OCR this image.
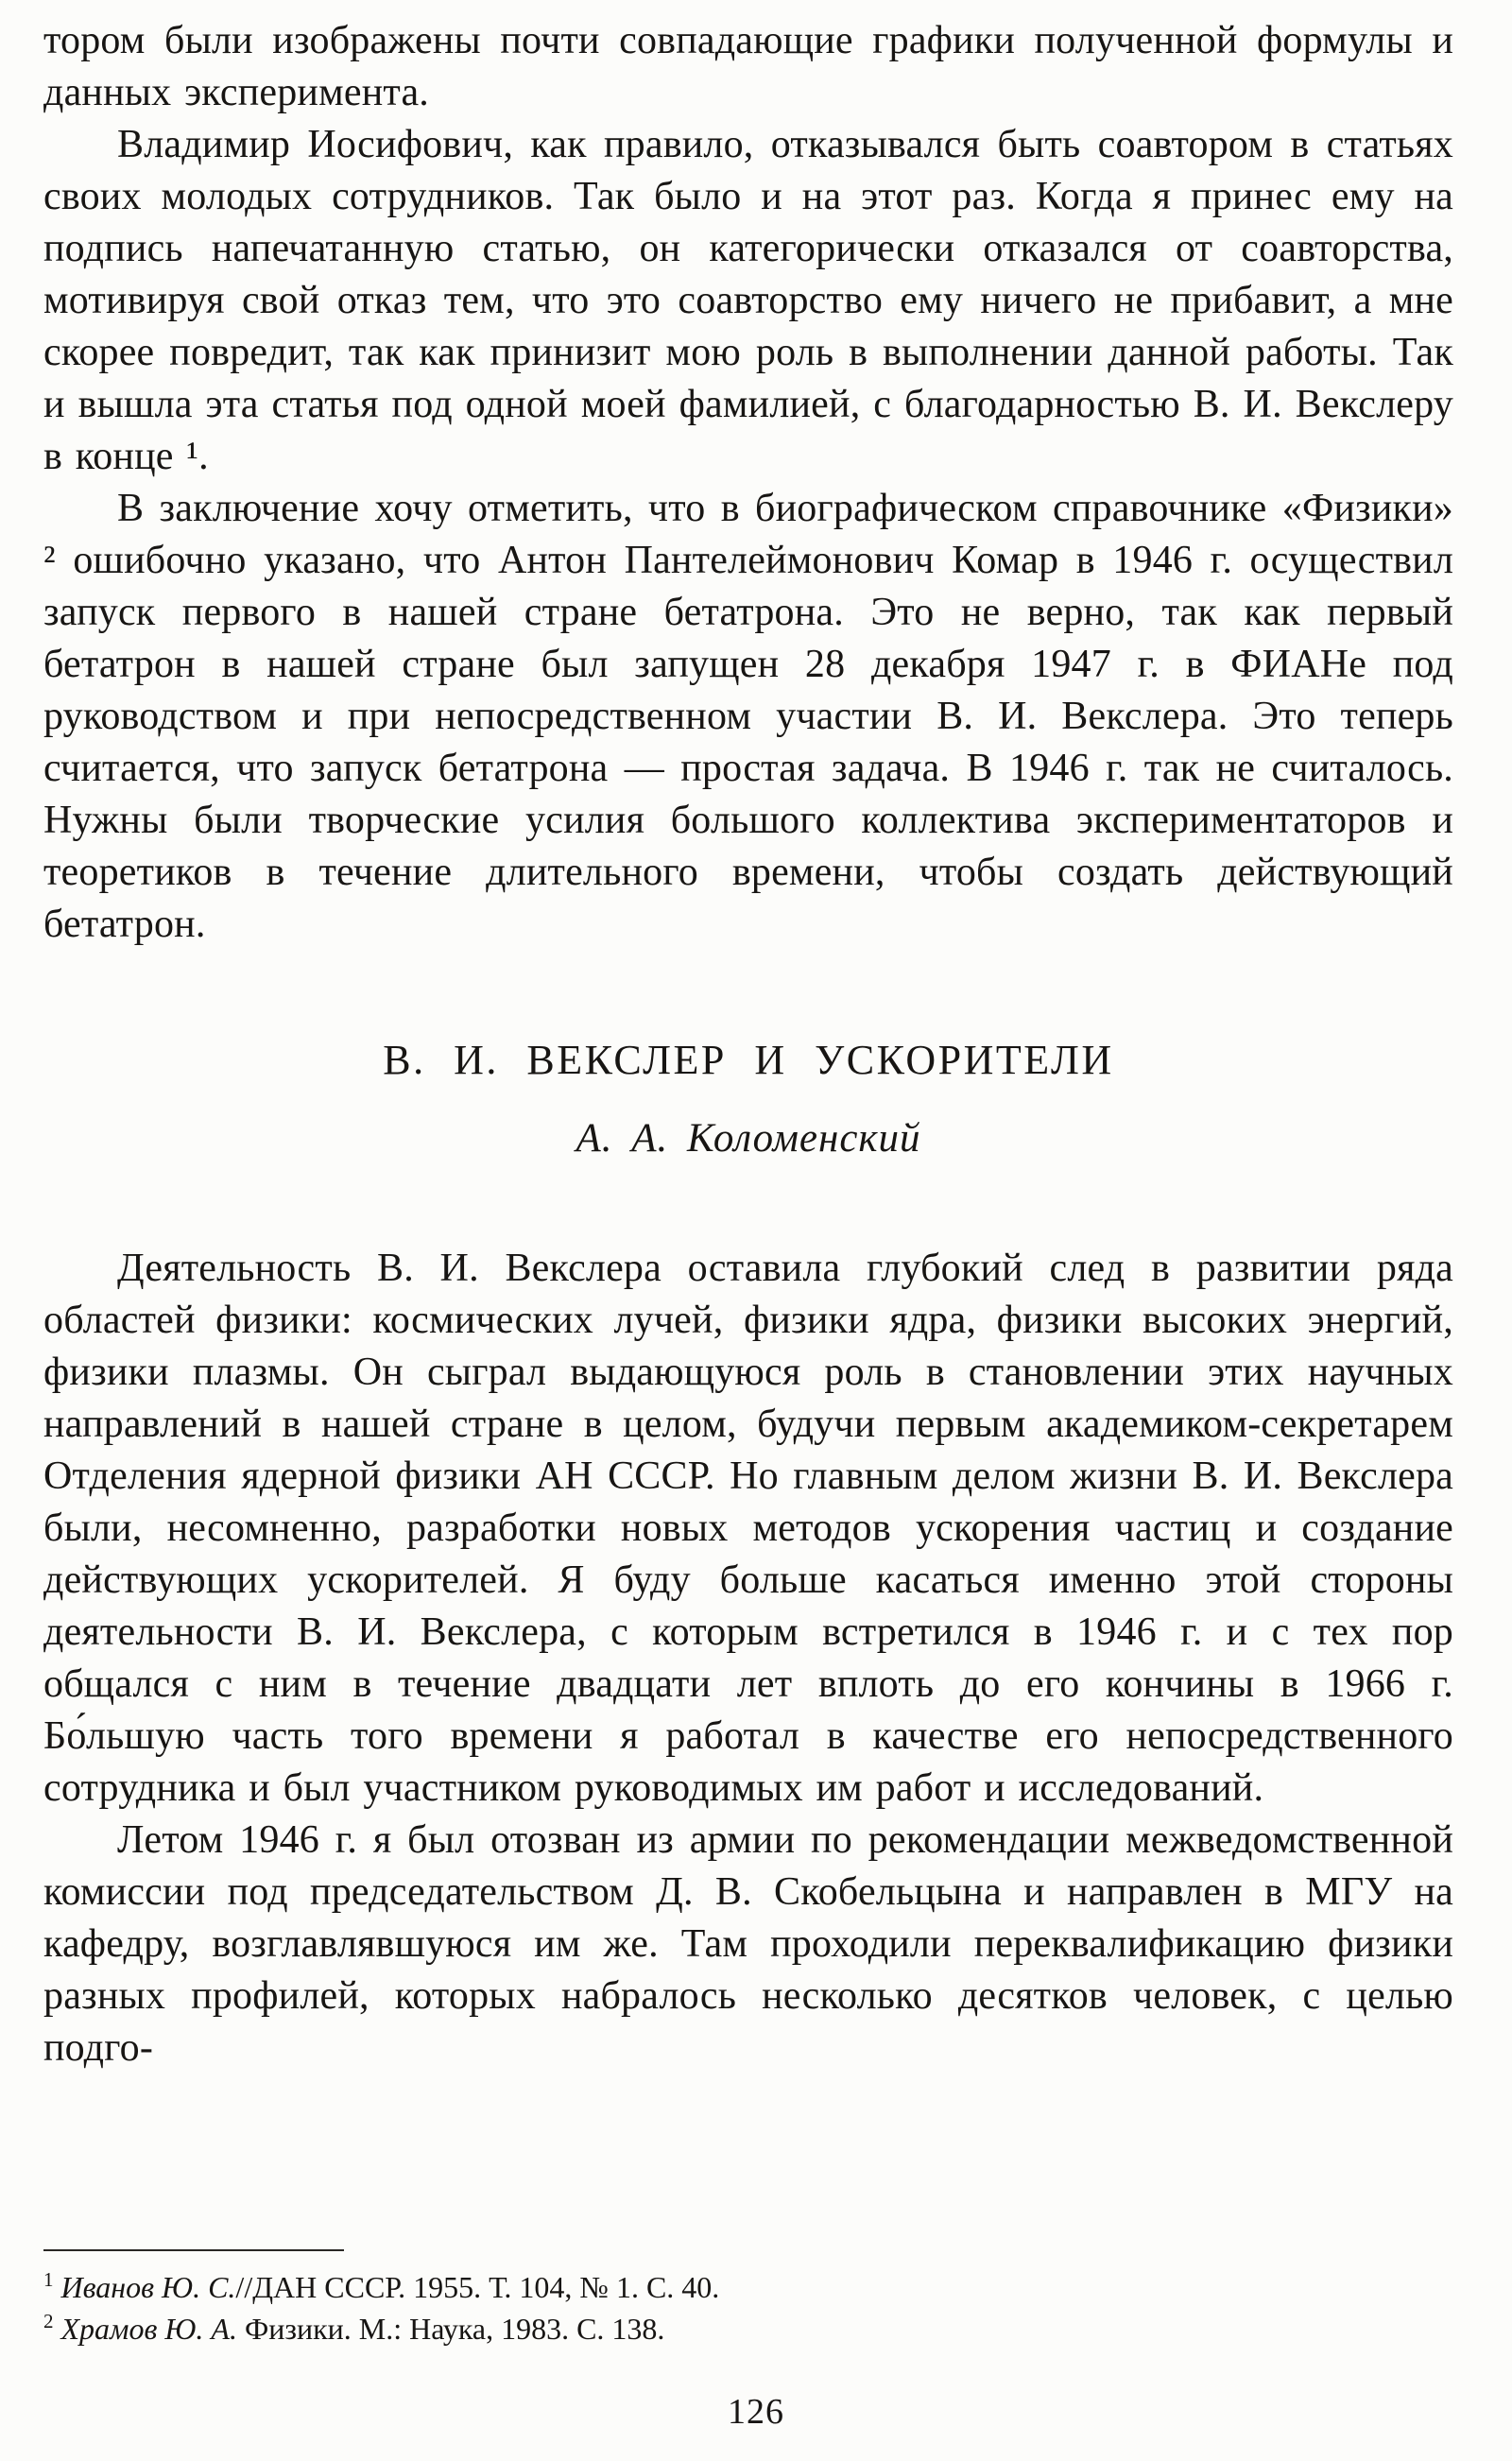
тором были изображены почти совпадающие графики полученной формулы и данных эксперимента.

Владимир Иосифович, как правило, отказывался быть соавтором в статьях своих молодых сотрудников. Так было и на этот раз. Когда я принес ему на подпись напечатанную статью, он категорически отказался от соавторства, мотивируя свой отказ тем, что это соавторство ему ничего не прибавит, а мне скорее повредит, так как принизит мою роль в выполнении данной работы. Так и вышла эта статья под одной моей фамилией, с благодарностью В. И. Векслеру в конце ¹.

В заключение хочу отметить, что в биографическом справочнике «Физики» ² ошибочно указано, что Антон Пантелеймонович Комар в 1946 г. осуществил запуск первого в нашей стране бетатрона. Это не верно, так как первый бетатрон в нашей стране был запущен 28 декабря 1947 г. в ФИАНе под руководством и при непосредственном участии В. И. Векслера. Это теперь считается, что запуск бетатрона — простая задача. В 1946 г. так не считалось. Нужны были творческие усилия большого коллектива экспериментаторов и теоретиков в течение длительного времени, чтобы создать действующий бетатрон.

В. И. ВЕКСЛЕР И УСКОРИТЕЛИ
А. А. Коломенский

Деятельность В. И. Векслера оставила глубокий след в развитии ряда областей физики: космических лучей, физики ядра, физики высоких энергий, физики плазмы. Он сыграл выдающуюся роль в становлении этих научных направлений в нашей стране в целом, будучи первым академиком-секретарем Отделения ядерной физики АН СССР. Но главным делом жизни В. И. Векслера были, несомненно, разработки новых методов ускорения частиц и создание действующих ускорителей. Я буду больше касаться именно этой стороны деятельности В. И. Векслера, с которым встретился в 1946 г. и с тех пор общался с ним в течение двадцати лет вплоть до его кончины в 1966 г. Бо́льшую часть того времени я работал в качестве его непосредственного сотрудника и был участником руководимых им работ и исследований.

Летом 1946 г. я был отозван из армии по рекомендации межведомственной комиссии под председательством Д. В. Скобельцына и направлен в МГУ на кафедру, возглавлявшуюся им же. Там проходили переквалификацию физики разных профилей, которых набралось несколько десятков человек, с целью подго-

$^1$ Иванов Ю. С.//ДАН СССР. 1955. Т. 104, № 1. С. 40.

$^2$ Храмов Ю. А. Физики. М.: Наука, 1983. С. 138.

126
